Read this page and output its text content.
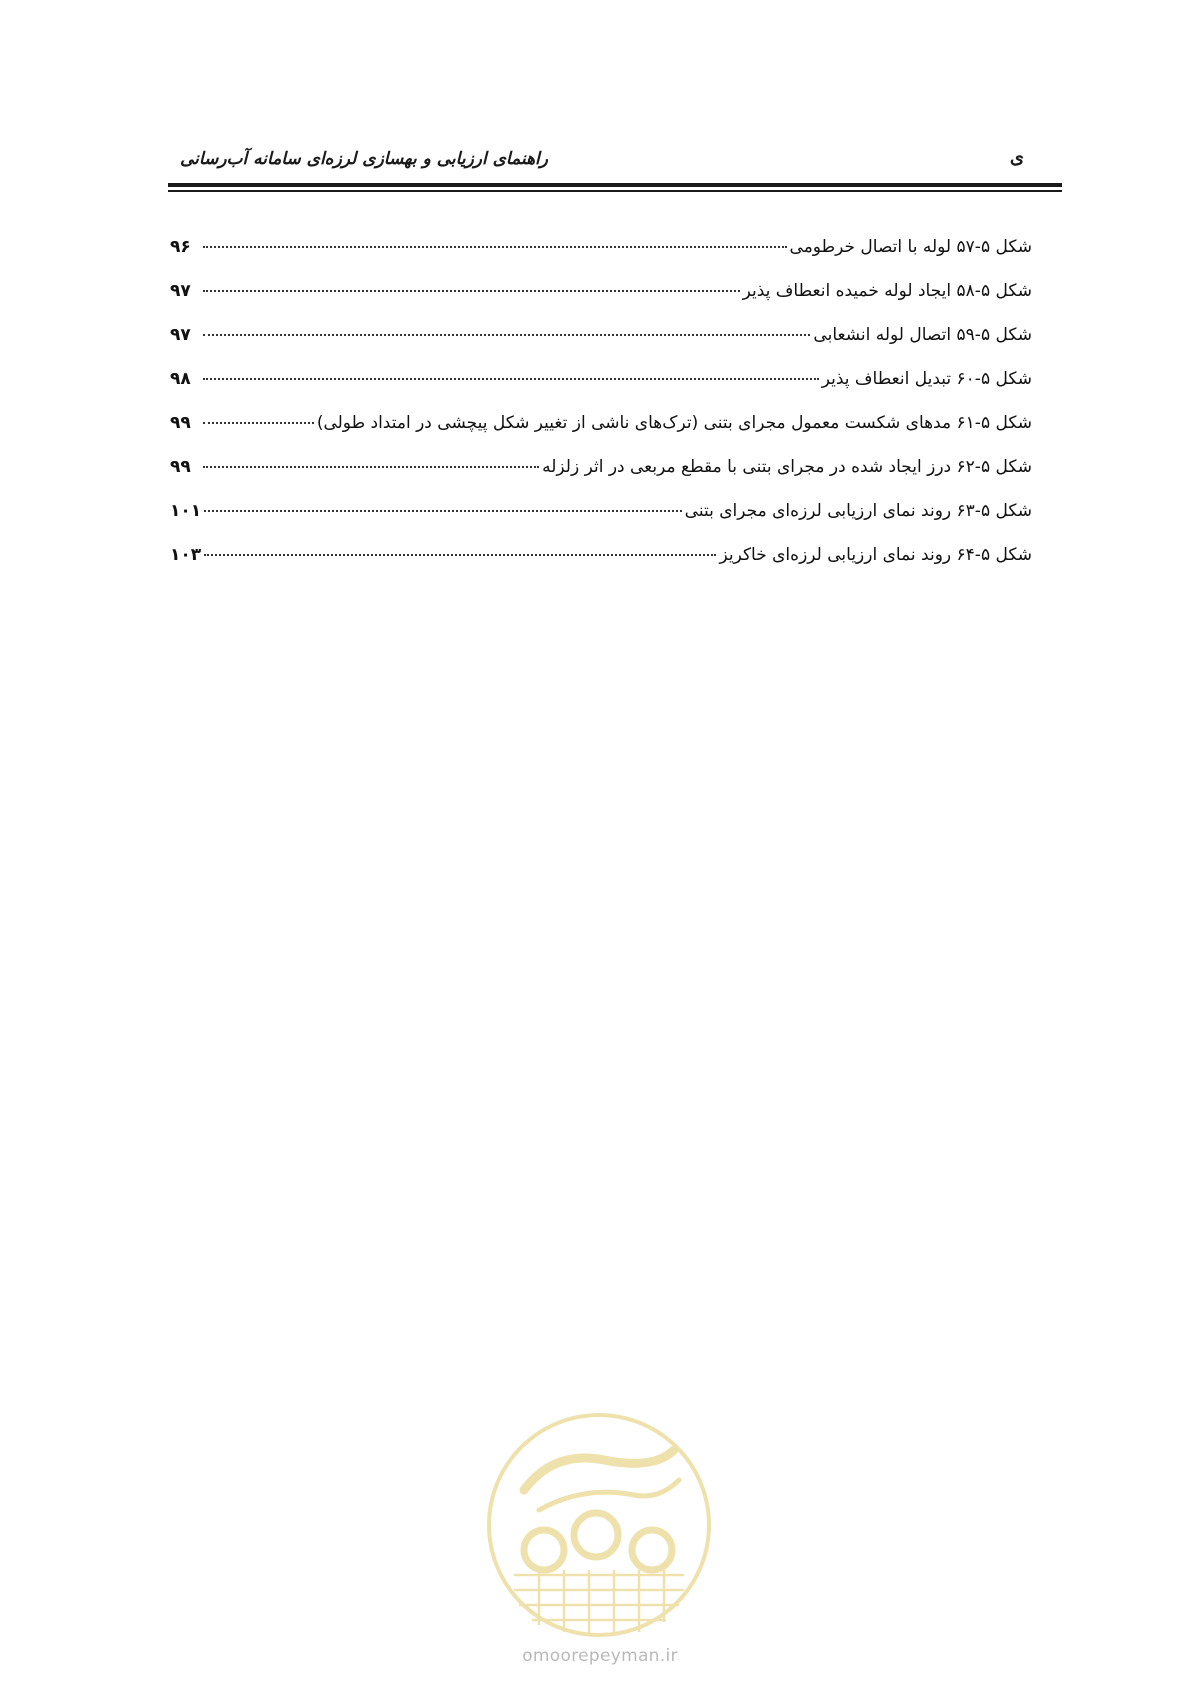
راهنمای ارزیابی و بهسازی لرزه‌ای سامانه آب‌رسانی	ی
شکل ۵-۵۷ لوله با اتصال خرطومی
۹۶
شکل ۵-۵۸ ایجاد لوله خمیده انعطاف پذیر
۹۷
شکل ۵-۵۹ اتصال لوله انشعابی
۹۷
شکل ۵-۶۰ تبدیل انعطاف پذیر
۹۸
شکل ۵-۶۱ مدهای شکست معمول مجرای بتنی (ترک‌های ناشی از تغییر شکل پیچشی در امتداد طولی)
۹۹
شکل ۵-۶۲ درز ایجاد شده در مجرای بتنی با مقطع مربعی در اثر زلزله
۹۹
شکل ۵-۶۳ روند نمای ارزیابی لرزه‌ای مجرای بتنی
۱۰۱
شکل ۵-۶۴ روند نمای ارزیابی لرزه‌ای خاکریز
۱۰۳
omoorepeyman.ir
